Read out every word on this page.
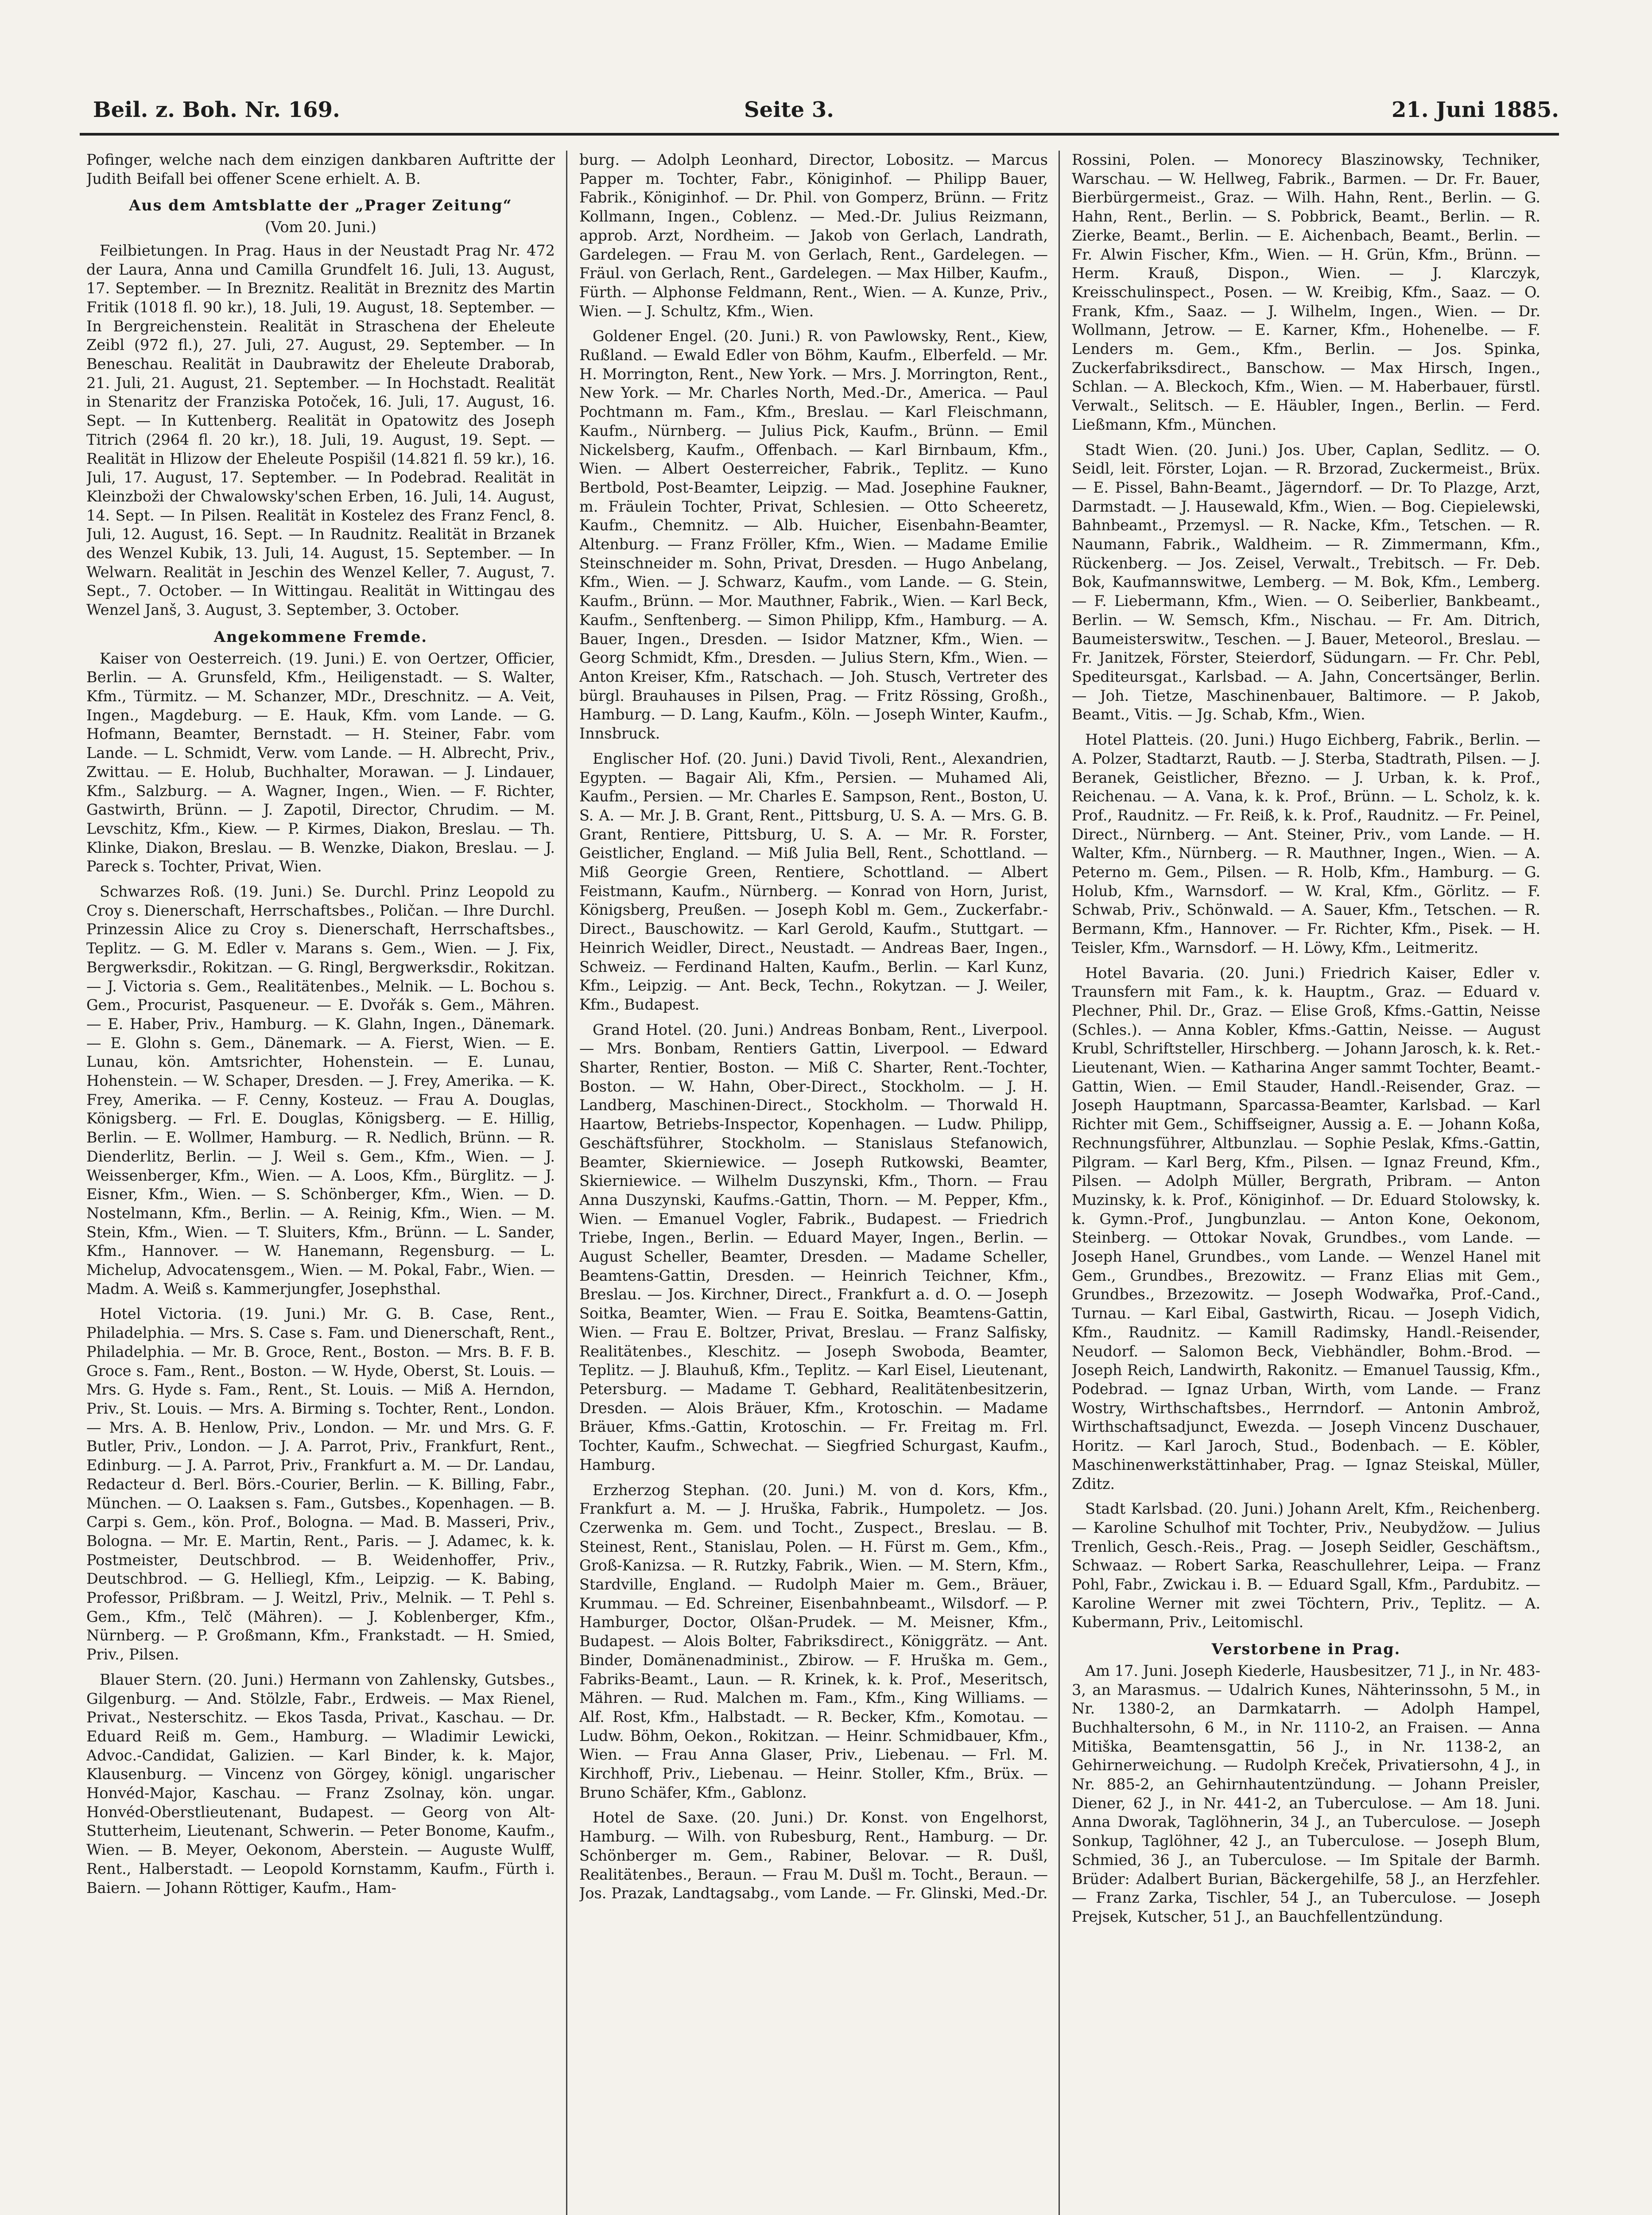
Beil. z. Boh. Nr. 169.	Seite 3.	21. Juni 1885.

Pofinger, welche nach dem einzigen dankbaren Auftritte der Judith Beifall bei offener Scene erhielt. A. B.

Aus dem Amtsblatte der „Prager Zeitung“
(Vom 20. Juni.)

Feilbietungen. In Prag. Haus in der Neustadt Prag Nr. 472 der Laura, Anna und Camilla Grundfelt 16. Juli, 13. August, 17. September. — In Breznitz. Realität in Breznitz des Martin Fritik (1018 fl. 90 kr.), 18. Juli, 19. August, 18. September. — In Bergreichenstein. Realität in Straschena der Eheleute Zeibl (972 fl.), 27. Juli, 27. August, 29. September. — In Beneschau. Realität in Daubrawitz der Eheleute Draborab, 21. Juli, 21. August, 21. September. — In Hochstadt. Realität in Stenaritz der Franziska Potoček, 16. Juli, 17. August, 16. Sept. — In Kuttenberg. Realität in Opatowitz des Joseph Titrich (2964 fl. 20 kr.), 18. Juli, 19. August, 19. Sept. — Realität in Hlizow der Eheleute Pospišil (14.821 fl. 59 kr.), 16. Juli, 17. August, 17. September. — In Podebrad. Realität in Kleinzboži der Chwalowsky'schen Erben, 16. Juli, 14. August, 14. Sept. — In Pilsen. Realität in Kostelez des Franz Fencl, 8. Juli, 12. August, 16. Sept. — In Raudnitz. Realität in Brzanek des Wenzel Kubik, 13. Juli, 14. August, 15. September. — In Welwarn. Realität in Jeschin des Wenzel Keller, 7. August, 7. Sept., 7. October. — In Wittingau. Realität in Wittingau des Wenzel Janš, 3. August, 3. September, 3. October.

Angekommene Fremde.

Kaiser von Oesterreich. (19. Juni.) E. von Oertzer, Officier, Berlin. — A. Grunsfeld, Kfm., Heiligenstadt. — S. Walter, Kfm., Türmitz. — M. Schanzer, MDr., Dreschnitz. — A. Veit, Ingen., Magdeburg. — E. Hauk, Kfm. vom Lande. — G. Hofmann, Beamter, Bernstadt. — H. Steiner, Fabr. vom Lande. — L. Schmidt, Verw. vom Lande. — H. Albrecht, Priv., Zwittau. — E. Holub, Buchhalter, Morawan. — J. Lindauer, Kfm., Salzburg. — A. Wagner, Ingen., Wien. — F. Richter, Gastwirth, Brünn. — J. Zapotil, Director, Chrudim. — M. Levschitz, Kfm., Kiew. — P. Kirmes, Diakon, Breslau. — Th. Klinke, Diakon, Breslau. — B. Wenzke, Diakon, Breslau. — J. Pareck s. Tochter, Privat, Wien.

Schwarzes Roß. (19. Juni.) Se. Durchl. Prinz Leopold zu Croy s. Dienerschaft, Herrschaftsbes., Poličan. — Ihre Durchl. Prinzessin Alice zu Croy s. Dienerschaft, Herrschaftsbes., Teplitz. — G. M. Edler v. Marans s. Gem., Wien. — J. Fix, Bergwerksdir., Rokitzan. — G. Ringl, Bergwerksdir., Rokitzan. — J. Victoria s. Gem., Realitätenbes., Melnik. — L. Bochou s. Gem., Procurist, Pasqueneur. — E. Dvořák s. Gem., Mähren. — E. Haber, Priv., Hamburg. — K. Glahn, Ingen., Dänemark. — E. Glohn s. Gem., Dänemark. — A. Fierst, Wien. — E. Lunau, kön. Amtsrichter, Hohenstein. — E. Lunau, Hohenstein. — W. Schaper, Dresden. — J. Frey, Amerika. — K. Frey, Amerika. — F. Cenny, Kosteuz. — Frau A. Douglas, Königsberg. — Frl. E. Douglas, Königsberg. — E. Hillig, Berlin. — E. Wollmer, Hamburg. — R. Nedlich, Brünn. — R. Dienderlitz, Berlin. — J. Weil s. Gem., Kfm., Wien. — J. Weissenberger, Kfm., Wien. — A. Loos, Kfm., Bürglitz. — J. Eisner, Kfm., Wien. — S. Schönberger, Kfm., Wien. — D. Nostelmann, Kfm., Berlin. — A. Reinig, Kfm., Wien. — M. Stein, Kfm., Wien. — T. Sluiters, Kfm., Brünn. — L. Sander, Kfm., Hannover. — W. Hanemann, Regensburg. — L. Michelup, Advocatensgem., Wien. — M. Pokal, Fabr., Wien. — Madm. A. Weiß s. Kammerjungfer, Josephsthal.

Hotel Victoria. (19. Juni.) Mr. G. B. Case, Rent., Philadelphia. — Mrs. S. Case s. Fam. und Dienerschaft, Rent., Philadelphia. — Mr. B. Groce, Rent., Boston. — Mrs. B. F. B. Groce s. Fam., Rent., Boston. — W. Hyde, Oberst, St. Louis. — Mrs. G. Hyde s. Fam., Rent., St. Louis. — Miß A. Herndon, Priv., St. Louis. — Mrs. A. Birming s. Tochter, Rent., London. — Mrs. A. B. Henlow, Priv., London. — Mr. und Mrs. G. F. Butler, Priv., London. — J. A. Parrot, Priv., Frankfurt, Rent., Edinburg. — J. A. Parrot, Priv., Frankfurt a. M. — Dr. Landau, Redacteur d. Berl. Börs.-Courier, Berlin. — K. Billing, Fabr., München. — O. Laaksen s. Fam., Gutsbes., Kopenhagen. — B. Carpi s. Gem., kön. Prof., Bologna. — Mad. B. Masseri, Priv., Bologna. — Mr. E. Martin, Rent., Paris. — J. Adamec, k. k. Postmeister, Deutschbrod. — B. Weidenhoffer, Priv., Deutschbrod. — G. Helliegl, Kfm., Leipzig. — K. Babing, Professor, Prißbram. — J. Weitzl, Priv., Melnik. — T. Pehl s. Gem., Kfm., Telč (Mähren). — J. Koblenberger, Kfm., Nürnberg. — P. Großmann, Kfm., Frankstadt. — H. Smied, Priv., Pilsen.

Blauer Stern. (20. Juni.) Hermann von Zahlensky, Gutsbes., Gilgenburg. — And. Stölzle, Fabr., Erdweis. — Max Rienel, Privat., Nesterschitz. — Ekos Tasda, Privat., Kaschau. — Dr. Eduard Reiß m. Gem., Hamburg. — Wladimir Lewicki, Advoc.-Candidat, Galizien. — Karl Binder, k. k. Major, Klausenburg. — Vincenz von Görgey, königl. ungarischer Honvéd-Major, Kaschau. — Franz Zsolnay, kön. ungar. Honvéd-Oberstlieutenant, Budapest. — Georg von Alt-Stutterheim, Lieutenant, Schwerin. — Peter Bonome, Kaufm., Wien. — B. Meyer, Oekonom, Aberstein. — Auguste Wulff, Rent., Halberstadt. — Leopold Kornstamm, Kaufm., Fürth i. Baiern. — Johann Röttiger, Kaufm., Ham-

burg. — Adolph Leonhard, Director, Lobositz. — Marcus Papper m. Tochter, Fabr., Königinhof. — Philipp Bauer, Fabrik., Königinhof. — Dr. Phil. von Gomperz, Brünn. — Fritz Kollmann, Ingen., Coblenz. — Med.-Dr. Julius Reizmann, approb. Arzt, Nordheim. — Jakob von Gerlach, Landrath, Gardelegen. — Frau M. von Gerlach, Rent., Gardelegen. — Fräul. von Gerlach, Rent., Gardelegen. — Max Hilber, Kaufm., Fürth. — Alphonse Feldmann, Rent., Wien. — A. Kunze, Priv., Wien. — J. Schultz, Kfm., Wien.

Goldener Engel. (20. Juni.) R. von Pawlowsky, Rent., Kiew, Rußland. — Ewald Edler von Böhm, Kaufm., Elberfeld. — Mr. H. Morrington, Rent., New York. — Mrs. J. Morrington, Rent., New York. — Mr. Charles North, Med.-Dr., America. — Paul Pochtmann m. Fam., Kfm., Breslau. — Karl Fleischmann, Kaufm., Nürnberg. — Julius Pick, Kaufm., Brünn. — Emil Nickelsberg, Kaufm., Offenbach. — Karl Birnbaum, Kfm., Wien. — Albert Oesterreicher, Fabrik., Teplitz. — Kuno Bertbold, Post-Beamter, Leipzig. — Mad. Josephine Faukner, m. Fräulein Tochter, Privat, Schlesien. — Otto Scheeretz, Kaufm., Chemnitz. — Alb. Huicher, Eisenbahn-Beamter, Altenburg. — Franz Fröller, Kfm., Wien. — Madame Emilie Steinschneider m. Sohn, Privat, Dresden. — Hugo Anbelang, Kfm., Wien. — J. Schwarz, Kaufm., vom Lande. — G. Stein, Kaufm., Brünn. — Mor. Mauthner, Fabrik., Wien. — Karl Beck, Kaufm., Senftenberg. — Simon Philipp, Kfm., Hamburg. — A. Bauer, Ingen., Dresden. — Isidor Matzner, Kfm., Wien. — Georg Schmidt, Kfm., Dresden. — Julius Stern, Kfm., Wien. — Anton Kreiser, Kfm., Ratschach. — Joh. Stusch, Vertreter des bürgl. Brauhauses in Pilsen, Prag. — Fritz Rössing, Großh., Hamburg. — D. Lang, Kaufm., Köln. — Joseph Winter, Kaufm., Innsbruck.

Englischer Hof. (20. Juni.) David Tivoli, Rent., Alexandrien, Egypten. — Bagair Ali, Kfm., Persien. — Muhamed Ali, Kaufm., Persien. — Mr. Charles E. Sampson, Rent., Boston, U. S. A. — Mr. J. B. Grant, Rent., Pittsburg, U. S. A. — Mrs. G. B. Grant, Rentiere, Pittsburg, U. S. A. — Mr. R. Forster, Geistlicher, England. — Miß Julia Bell, Rent., Schottland. — Miß Georgie Green, Rentiere, Schottland. — Albert Feistmann, Kaufm., Nürnberg. — Konrad von Horn, Jurist, Königsberg, Preußen. — Joseph Kobl m. Gem., Zuckerfabr.-Direct., Bauschowitz. — Karl Gerold, Kaufm., Stuttgart. — Heinrich Weidler, Direct., Neustadt. — Andreas Baer, Ingen., Schweiz. — Ferdinand Halten, Kaufm., Berlin. — Karl Kunz, Kfm., Leipzig. — Ant. Beck, Techn., Rokytzan. — J. Weiler, Kfm., Budapest.

Grand Hotel. (20. Juni.) Andreas Bonbam, Rent., Liverpool. — Mrs. Bonbam, Rentiers Gattin, Liverpool. — Edward Sharter, Rentier, Boston. — Miß C. Sharter, Rent.-Tochter, Boston. — W. Hahn, Ober-Direct., Stockholm. — J. H. Landberg, Maschinen-Direct., Stockholm. — Thorwald H. Haartow, Betriebs-Inspector, Kopenhagen. — Ludw. Philipp, Geschäftsführer, Stockholm. — Stanislaus Stefanowich, Beamter, Skierniewice. — Joseph Rutkowski, Beamter, Skierniewice. — Wilhelm Duszynski, Kfm., Thorn. — Frau Anna Duszynski, Kaufms.-Gattin, Thorn. — M. Pepper, Kfm., Wien. — Emanuel Vogler, Fabrik., Budapest. — Friedrich Triebe, Ingen., Berlin. — Eduard Mayer, Ingen., Berlin. — August Scheller, Beamter, Dresden. — Madame Scheller, Beamtens-Gattin, Dresden. — Heinrich Teichner, Kfm., Breslau. — Jos. Kirchner, Direct., Frankfurt a. d. O. — Joseph Soitka, Beamter, Wien. — Frau E. Soitka, Beamtens-Gattin, Wien. — Frau E. Boltzer, Privat, Breslau. — Franz Salfisky, Realitätenbes., Kleschitz. — Joseph Swoboda, Beamter, Teplitz. — J. Blauhuß, Kfm., Teplitz. — Karl Eisel, Lieutenant, Petersburg. — Madame T. Gebhard, Realitätenbesitzerin, Dresden. — Alois Bräuer, Kfm., Krotoschin. — Madame Bräuer, Kfms.-Gattin, Krotoschin. — Fr. Freitag m. Frl. Tochter, Kaufm., Schwechat. — Siegfried Schurgast, Kaufm., Hamburg.

Erzherzog Stephan. (20. Juni.) M. von d. Kors, Kfm., Frankfurt a. M. — J. Hruška, Fabrik., Humpoletz. — Jos. Czerwenka m. Gem. und Tocht., Zuspect., Breslau. — B. Steinest, Rent., Stanislau, Polen. — H. Fürst m. Gem., Kfm., Groß-Kanizsa. — R. Rutzky, Fabrik., Wien. — M. Stern, Kfm., Stardville, England. — Rudolph Maier m. Gem., Bräuer, Krummau. — Ed. Schreiner, Eisenbahnbeamt., Wilsdorf. — P. Hamburger, Doctor, Olšan-Prudek. — M. Meisner, Kfm., Budapest. — Alois Bolter, Fabriksdirect., Königgrätz. — Ant. Binder, Domänenadminist., Zbirow. — F. Hruška m. Gem., Fabriks-Beamt., Laun. — R. Krinek, k. k. Prof., Meseritsch, Mähren. — Rud. Malchen m. Fam., Kfm., King Williams. — Alf. Rost, Kfm., Halbstadt. — R. Becker, Kfm., Komotau. — Ludw. Böhm, Oekon., Rokitzan. — Heinr. Schmidbauer, Kfm., Wien. — Frau Anna Glaser, Priv., Liebenau. — Frl. M. Kirchhoff, Priv., Liebenau. — Heinr. Stoller, Kfm., Brüx. — Bruno Schäfer, Kfm., Gablonz.

Hotel de Saxe. (20. Juni.) Dr. Konst. von Engelhorst, Hamburg. — Wilh. von Rubesburg, Rent., Hamburg. — Dr. Schönberger m. Gem., Rabiner, Belovar. — R. Dušl, Realitätenbes., Beraun. — Frau M. Dušl m. Tocht., Beraun. — Jos. Prazak, Landtagsabg., vom Lande. — Fr. Glinski, Med.-Dr.

Rossini, Polen. — Monorecy Blaszinowsky, Techniker, Warschau. — W. Hellweg, Fabrik., Barmen. — Dr. Fr. Bauer, Bierbürgermeist., Graz. — Wilh. Hahn, Rent., Berlin. — G. Hahn, Rent., Berlin. — S. Pobbrick, Beamt., Berlin. — R. Zierke, Beamt., Berlin. — E. Aichenbach, Beamt., Berlin. — Fr. Alwin Fischer, Kfm., Wien. — H. Grün, Kfm., Brünn. — Herm. Krauß, Dispon., Wien. — J. Klarczyk, Kreisschulinspect., Posen. — W. Kreibig, Kfm., Saaz. — O. Frank, Kfm., Saaz. — J. Wilhelm, Ingen., Wien. — Dr. Wollmann, Jetrow. — E. Karner, Kfm., Hohenelbe. — F. Lenders m. Gem., Kfm., Berlin. — Jos. Spinka, Zuckerfabriksdirect., Banschow. — Max Hirsch, Ingen., Schlan. — A. Bleckoch, Kfm., Wien. — M. Haberbauer, fürstl. Verwalt., Selitsch. — E. Häubler, Ingen., Berlin. — Ferd. Ließmann, Kfm., München.

Stadt Wien. (20. Juni.) Jos. Uber, Caplan, Sedlitz. — O. Seidl, leit. Förster, Lojan. — R. Brzorad, Zuckermeist., Brüx. — E. Pissel, Bahn-Beamt., Jägerndorf. — Dr. To Plazge, Arzt, Darmstadt. — J. Hausewald, Kfm., Wien. — Bog. Ciepielewski, Bahnbeamt., Przemysl. — R. Nacke, Kfm., Tetschen. — R. Naumann, Fabrik., Waldheim. — R. Zimmermann, Kfm., Rückenberg. — Jos. Zeisel, Verwalt., Trebitsch. — Fr. Deb. Bok, Kaufmannswitwe, Lemberg. — M. Bok, Kfm., Lemberg. — F. Liebermann, Kfm., Wien. — O. Seiberlier, Bankbeamt., Berlin. — W. Semsch, Kfm., Nischau. — Fr. Am. Ditrich, Baumeisterswitw., Teschen. — J. Bauer, Meteorol., Breslau. — Fr. Janitzek, Förster, Steierdorf, Südungarn. — Fr. Chr. Pebl, Spediteursgat., Karlsbad. — A. Jahn, Concertsänger, Berlin. — Joh. Tietze, Maschinenbauer, Baltimore. — P. Jakob, Beamt., Vitis. — Jg. Schab, Kfm., Wien.

Hotel Platteis. (20. Juni.) Hugo Eichberg, Fabrik., Berlin. — A. Polzer, Stadtarzt, Rautb. — J. Sterba, Stadtrath, Pilsen. — J. Beranek, Geistlicher, Březno. — J. Urban, k. k. Prof., Reichenau. — A. Vana, k. k. Prof., Brünn. — L. Scholz, k. k. Prof., Raudnitz. — Fr. Reiß, k. k. Prof., Raudnitz. — Fr. Peinel, Direct., Nürnberg. — Ant. Steiner, Priv., vom Lande. — H. Walter, Kfm., Nürnberg. — R. Mauthner, Ingen., Wien. — A. Peterno m. Gem., Pilsen. — R. Holb, Kfm., Hamburg. — G. Holub, Kfm., Warnsdorf. — W. Kral, Kfm., Görlitz. — F. Schwab, Priv., Schönwald. — A. Sauer, Kfm., Tetschen. — R. Bermann, Kfm., Hannover. — Fr. Richter, Kfm., Pisek. — H. Teisler, Kfm., Warnsdorf. — H. Löwy, Kfm., Leitmeritz.

Hotel Bavaria. (20. Juni.) Friedrich Kaiser, Edler v. Traunsfern mit Fam., k. k. Hauptm., Graz. — Eduard v. Plechner, Phil. Dr., Graz. — Elise Groß, Kfms.-Gattin, Neisse (Schles.). — Anna Kobler, Kfms.-Gattin, Neisse. — August Krubl, Schriftsteller, Hirschberg. — Johann Jarosch, k. k. Ret.-Lieutenant, Wien. — Katharina Anger sammt Tochter, Beamt.-Gattin, Wien. — Emil Stauder, Handl.-Reisender, Graz. — Joseph Hauptmann, Sparcassa-Beamter, Karlsbad. — Karl Richter mit Gem., Schiffseigner, Aussig a. E. — Johann Koßa, Rechnungsführer, Altbunzlau. — Sophie Peslak, Kfms.-Gattin, Pilgram. — Karl Berg, Kfm., Pilsen. — Ignaz Freund, Kfm., Pilsen. — Adolph Müller, Bergrath, Pribram. — Anton Muzinsky, k. k. Prof., Königinhof. — Dr. Eduard Stolowsky, k. k. Gymn.-Prof., Jungbunzlau. — Anton Kone, Oekonom, Steinberg. — Ottokar Novak, Grundbes., vom Lande. — Joseph Hanel, Grundbes., vom Lande. — Wenzel Hanel mit Gem., Grundbes., Brezowitz. — Franz Elias mit Gem., Grundbes., Brzezowitz. — Joseph Wodwařka, Prof.-Cand., Turnau. — Karl Eibal, Gastwirth, Ricau. — Joseph Vidich, Kfm., Raudnitz. — Kamill Radimsky, Handl.-Reisender, Neudorf. — Salomon Beck, Viebhändler, Bohm.-Brod. — Joseph Reich, Landwirth, Rakonitz. — Emanuel Taussig, Kfm., Podebrad. — Ignaz Urban, Wirth, vom Lande. — Franz Wostry, Wirthschaftsbes., Herrndorf. — Antonin Ambrož, Wirthschaftsadjunct, Ewezda. — Joseph Vincenz Duschauer, Horitz. — Karl Jaroch, Stud., Bodenbach. — E. Köbler, Maschinenwerkstättinhaber, Prag. — Ignaz Steiskal, Müller, Zditz.

Stadt Karlsbad. (20. Juni.) Johann Arelt, Kfm., Reichenberg. — Karoline Schulhof mit Tochter, Priv., Neubydžow. — Julius Trenlich, Gesch.-Reis., Prag. — Joseph Seidler, Geschäftsm., Schwaaz. — Robert Sarka, Reaschullehrer, Leipa. — Franz Pohl, Fabr., Zwickau i. B. — Eduard Sgall, Kfm., Pardubitz. — Karoline Werner mit zwei Töchtern, Priv., Teplitz. — A. Kubermann, Priv., Leitomischl.

Verstorbene in Prag.

Am 17. Juni. Joseph Kiederle, Hausbesitzer, 71 J., in Nr. 483-3, an Marasmus. — Udalrich Kunes, Nähterinssohn, 5 M., in Nr. 1380-2, an Darmkatarrh. — Adolph Hampel, Buchhaltersohn, 6 M., in Nr. 1110-2, an Fraisen. — Anna Mitiška, Beamtensgattin, 56 J., in Nr. 1138-2, an Gehirnerweichung. — Rudolph Kreček, Privatiersohn, 4 J., in Nr. 885-2, an Gehirnhautentzündung. — Johann Preisler, Diener, 62 J., in Nr. 441-2, an Tuberculose. — Am 18. Juni. Anna Dworak, Taglöhnerin, 34 J., an Tuberculose. — Joseph Sonkup, Taglöhner, 42 J., an Tuberculose. — Joseph Blum, Schmied, 36 J., an Tuberculose. — Im Spitale der Barmh. Brüder: Adalbert Burian, Bäckergehilfe, 58 J., an Herzfehler. — Franz Zarka, Tischler, 54 J., an Tuberculose. — Joseph Prejsek, Kutscher, 51 J., an Bauchfellentzündung.
